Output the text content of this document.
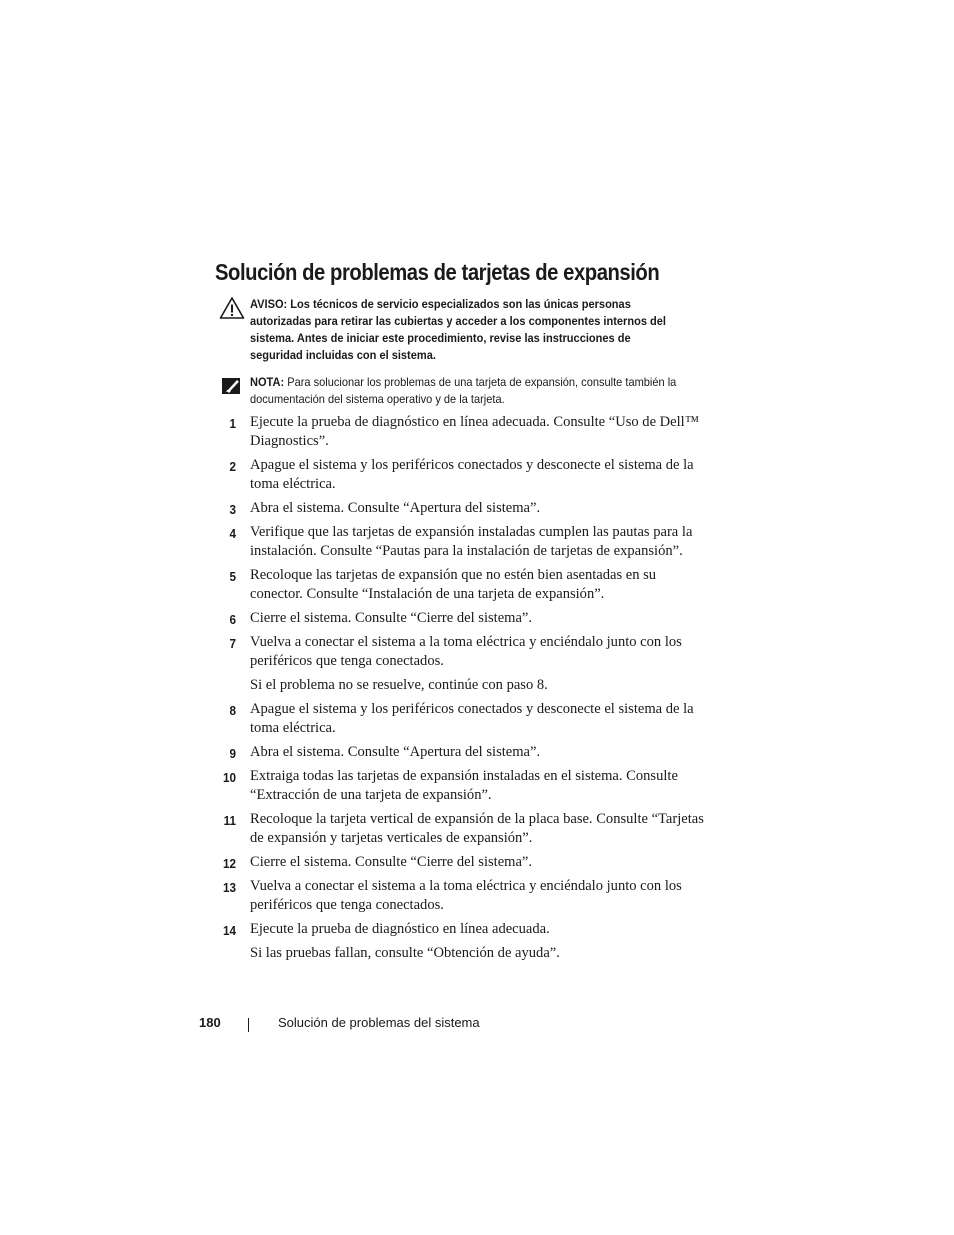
Solución de problemas de tarjetas de expansión
AVISO: Los técnicos de servicio especializados son las únicas personas autorizadas para retirar las cubiertas y acceder a los componentes internos del sistema. Antes de iniciar este procedimiento, revise las instrucciones de seguridad incluidas con el sistema.
NOTA: Para solucionar los problemas de una tarjeta de expansión, consulte también la documentación del sistema operativo y de la tarjeta.
1 Ejecute la prueba de diagnóstico en línea adecuada. Consulte “Uso de Dell™ Diagnostics”.
2 Apague el sistema y los periféricos conectados y desconecte el sistema de la toma eléctrica.
3 Abra el sistema. Consulte “Apertura del sistema”.
4 Verifique que las tarjetas de expansión instaladas cumplen las pautas para la instalación. Consulte “Pautas para la instalación de tarjetas de expansión”.
5 Recoloque las tarjetas de expansión que no estén bien asentadas en su conector. Consulte “Instalación de una tarjeta de expansión”.
6 Cierre el sistema. Consulte “Cierre del sistema”.
7 Vuelva a conectar el sistema a la toma eléctrica y enciéndalo junto con los periféricos que tenga conectados.
Si el problema no se resuelve, continúe con paso 8.
8 Apague el sistema y los periféricos conectados y desconecte el sistema de la toma eléctrica.
9 Abra el sistema. Consulte “Apertura del sistema”.
10 Extraiga todas las tarjetas de expansión instaladas en el sistema. Consulte “Extracción de una tarjeta de expansión”.
11 Recoloque la tarjeta vertical de expansión de la placa base. Consulte “Tarjetas de expansión y tarjetas verticales de expansión”.
12 Cierre el sistema. Consulte “Cierre del sistema”.
13 Vuelva a conectar el sistema a la toma eléctrica y enciéndalo junto con los periféricos que tenga conectados.
14 Ejecute la prueba de diagnóstico en línea adecuada.
Si las pruebas fallan, consulte “Obtención de ayuda”.
180	Solución de problemas del sistema
